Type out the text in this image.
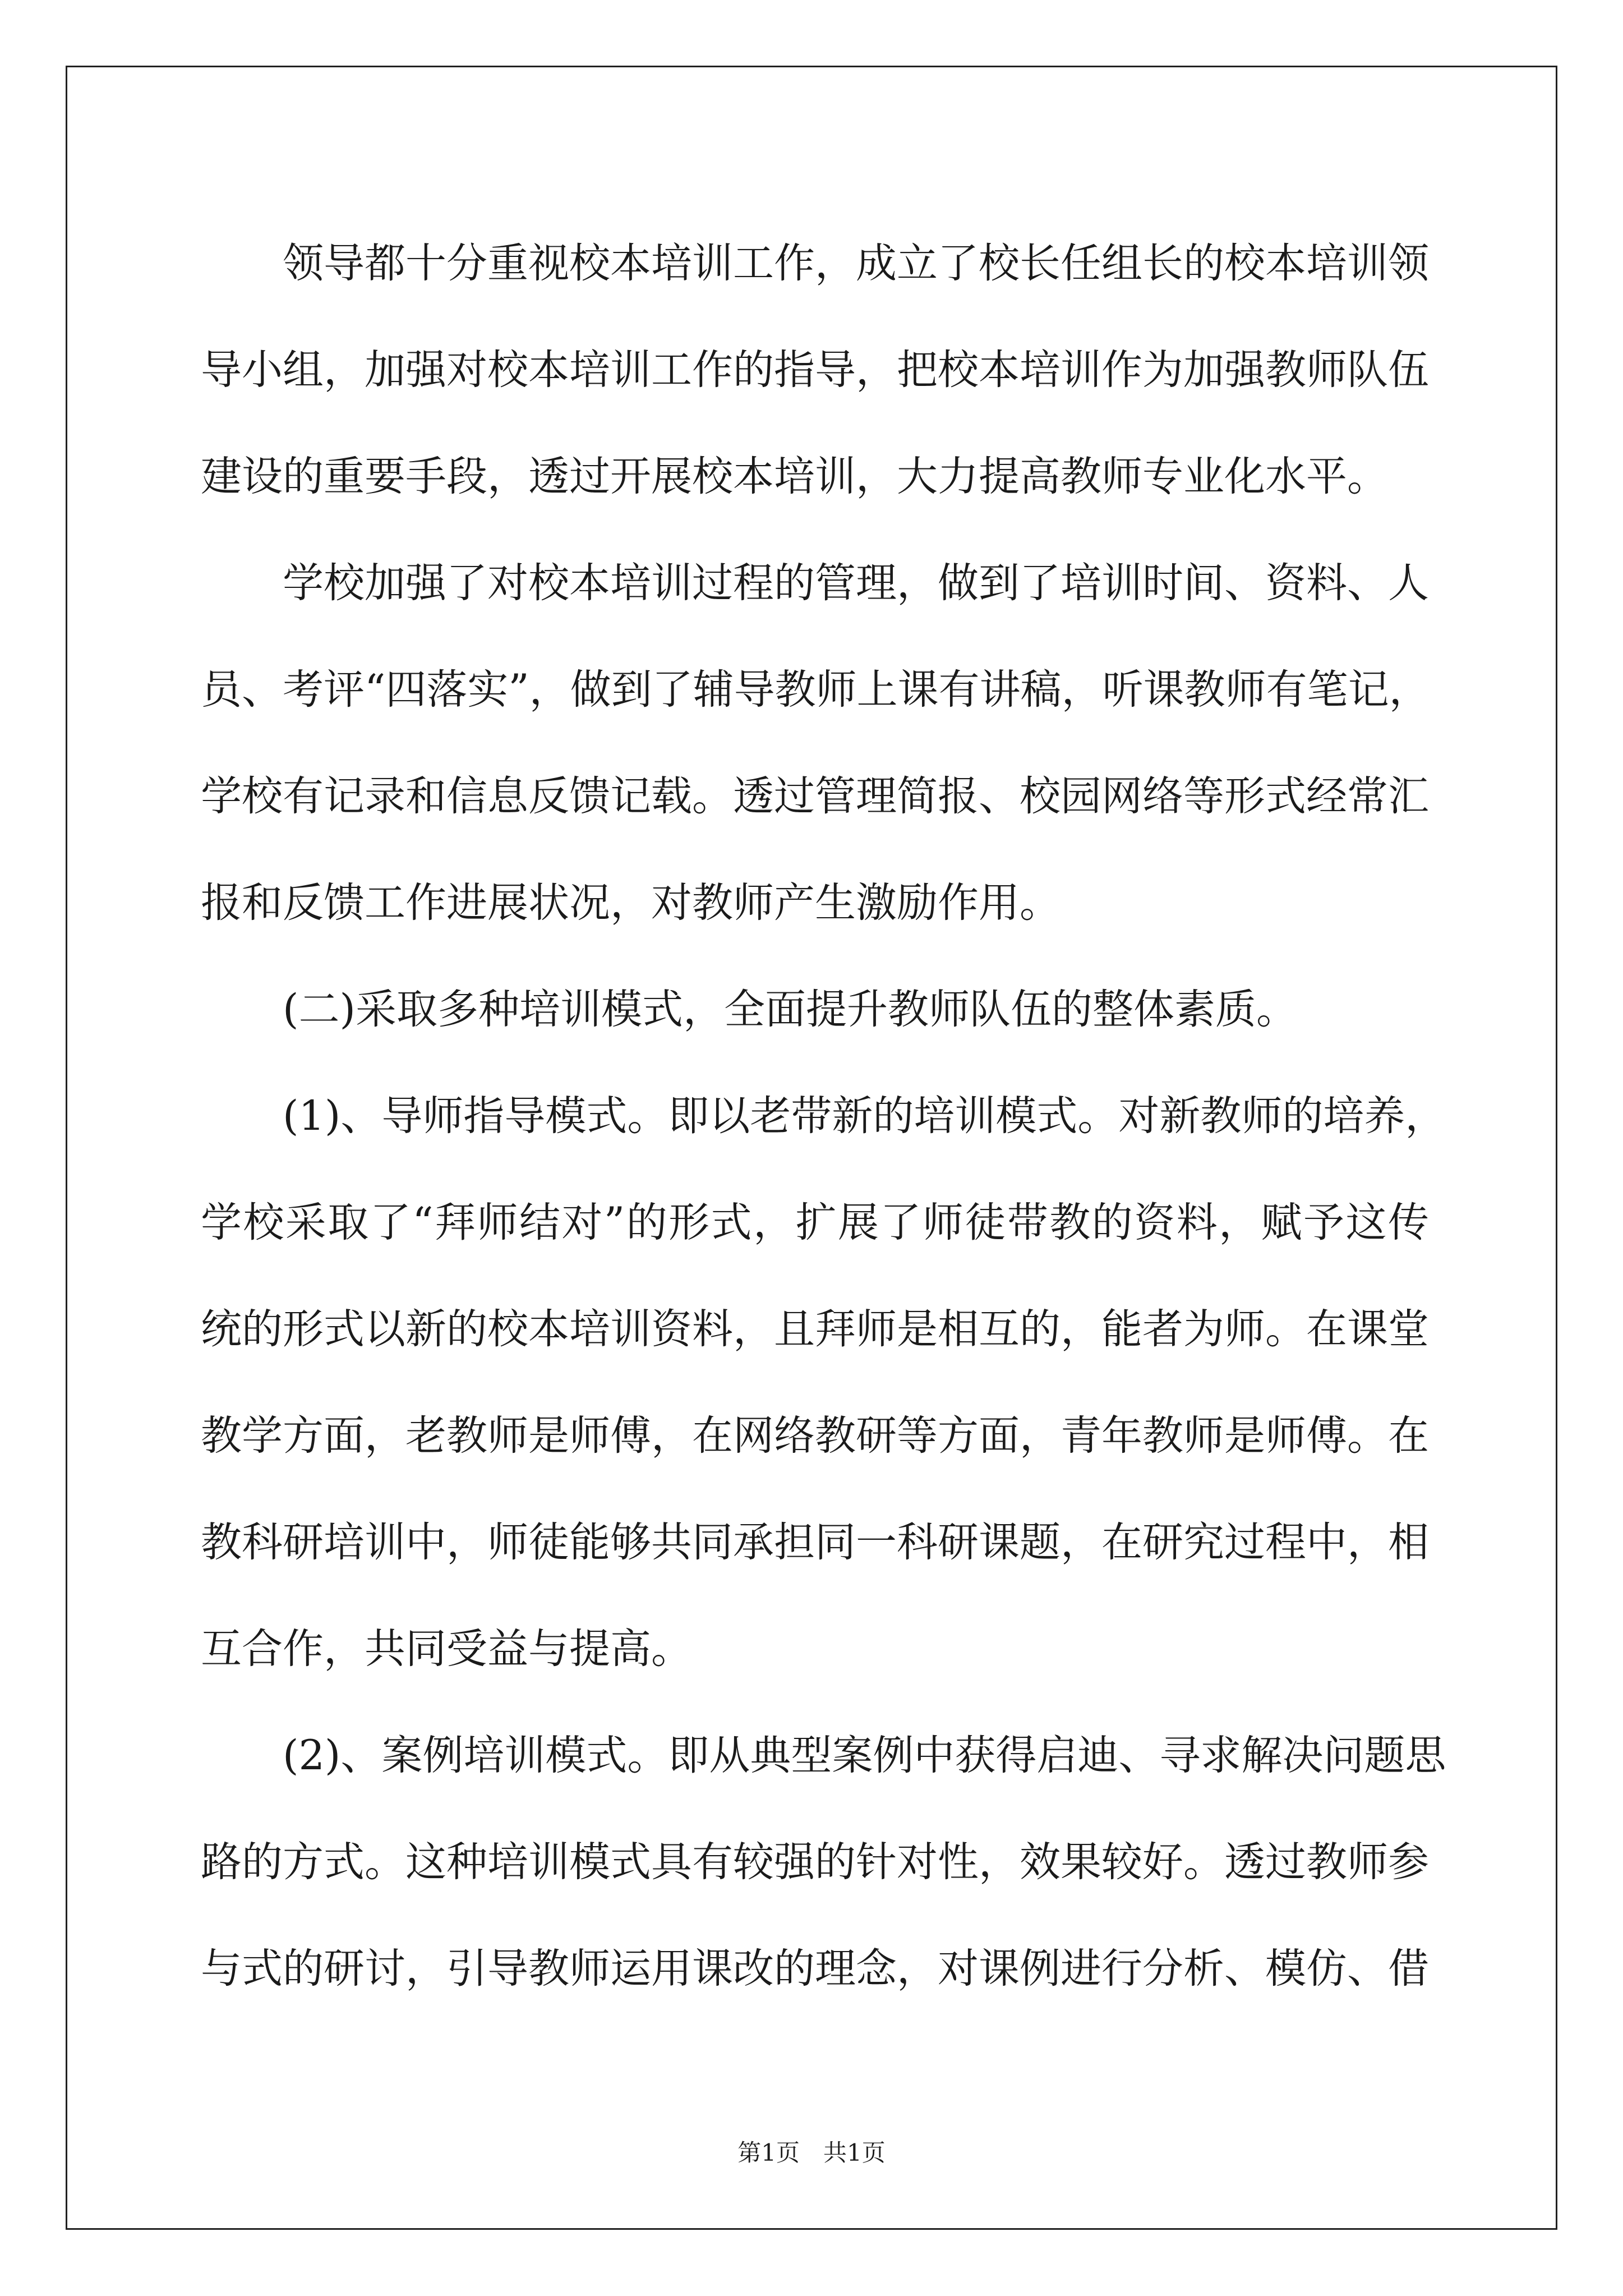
领导都十分重视校本培训工作，成立了校长任组长的校本培训领
导小组，加强对校本培训工作的指导，把校本培训作为加强教师队伍
建设的重要手段，透过开展校本培训，大力提高教师专业化水平。
学校加强了对校本培训过程的管理，做到了培训时间、资料、人
员、考评“四落实”，做到了辅导教师上课有讲稿，听课教师有笔记，
学校有记录和信息反馈记载。透过管理简报、校园网络等形式经常汇
报和反馈工作进展状况，对教师产生激励作用。
(二)采取多种培训模式，全面提升教师队伍的整体素质。
(1)、导师指导模式。即以老带新的培训模式。对新教师的培养，
学校采取了“拜师结对”的形式，扩展了师徒带教的资料，赋予这传
统的形式以新的校本培训资料，且拜师是相互的，能者为师。在课堂
教学方面，老教师是师傅，在网络教研等方面，青年教师是师傅。在
教科研培训中，师徒能够共同承担同一科研课题，在研究过程中，相
互合作，共同受益与提高。
(2)、案例培训模式。即从典型案例中获得启迪、寻求解决问题思
路的方式。这种培训模式具有较强的针对性，效果较好。透过教师参
与式的研讨，引导教师运用课改的理念，对课例进行分析、模仿、借
第1页　共1页
